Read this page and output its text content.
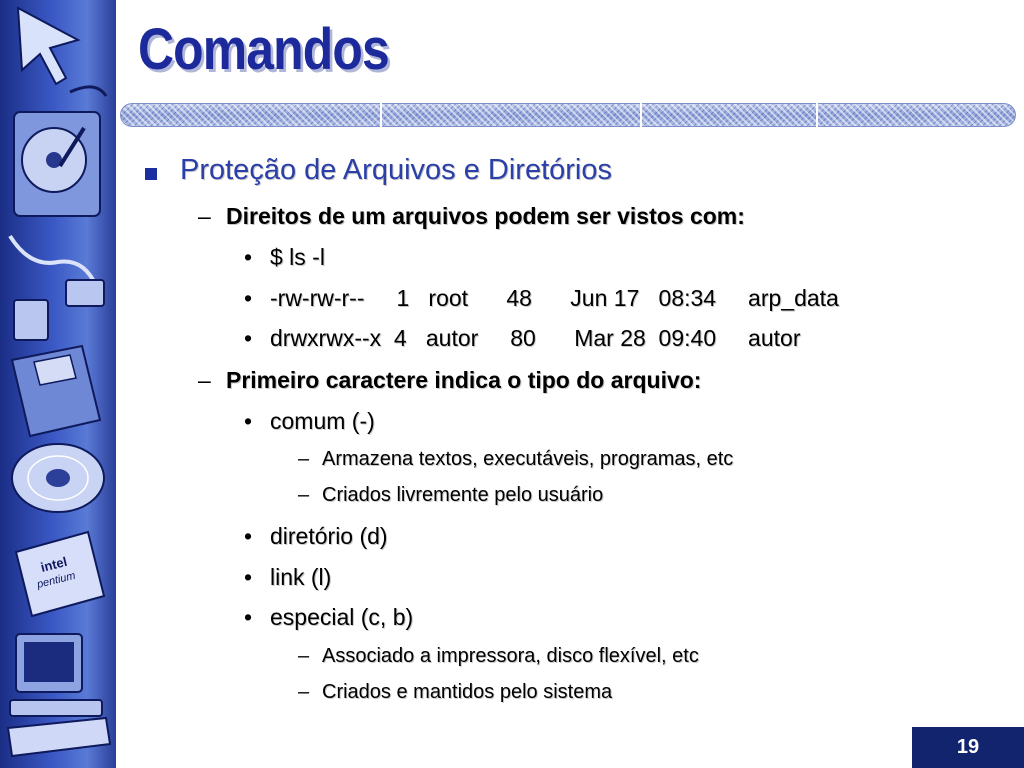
intel
pentium
Comandos
Proteção de Arquivos e Diretórios
– Direitos de um arquivos podem ser vistos com:
• $ ls -l
• -rw-rw-r--     1   root      48      Jun 17   08:34     arp_data
• drwxrwx--x  4   autor     80      Mar 28  09:40     autor
– Primeiro caractere indica o tipo do arquivo:
• comum (-)
– Armazena textos, executáveis, programas, etc
– Criados livremente pelo usuário
• diretório (d)
• link (l)
• especial (c, b)
– Associado a impressora, disco flexível, etc
– Criados e mantidos pelo sistema
19
